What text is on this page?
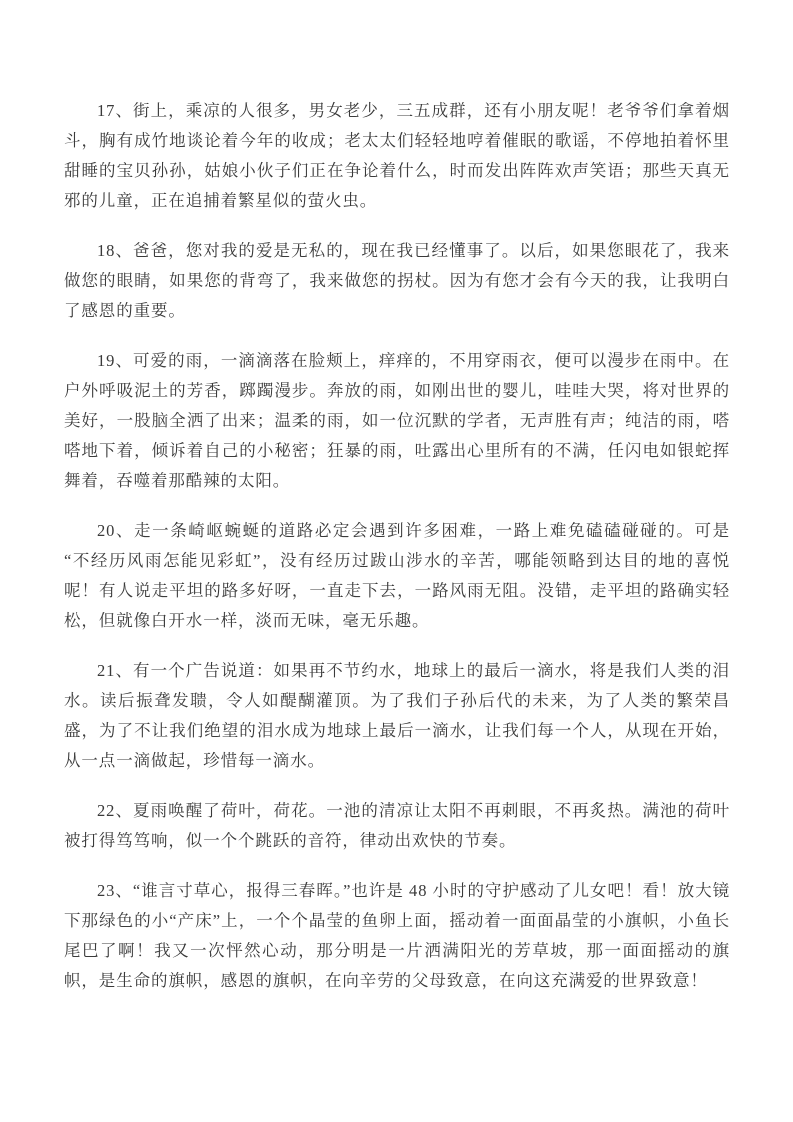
17、街上，乘凉的人很多，男女老少，三五成群，还有小朋友呢！老爷爷们拿着烟斗，胸有成竹地谈论着今年的收成；老太太们轻轻地哼着催眠的歌谣，不停地拍着怀里甜睡的宝贝孙孙，姑娘小伙子们正在争论着什么，时而发出阵阵欢声笑语；那些天真无邪的儿童，正在追捕着繁星似的萤火虫。

18、爸爸，您对我的爱是无私的，现在我已经懂事了。以后，如果您眼花了，我来做您的眼睛，如果您的背弯了，我来做您的拐杖。因为有您才会有今天的我，让我明白了感恩的重要。

19、可爱的雨，一滴滴落在脸颊上，痒痒的，不用穿雨衣，便可以漫步在雨中。在户外呼吸泥土的芳香，踯躅漫步。奔放的雨，如刚出世的婴儿，哇哇大哭，将对世界的美好，一股脑全洒了出来；温柔的雨，如一位沉默的学者，无声胜有声；纯洁的雨，嗒嗒地下着，倾诉着自己的小秘密；狂暴的雨，吐露出心里所有的不满，任闪电如银蛇挥舞着，吞噬着那酷辣的太阳。

20、走一条崎岖蜿蜒的道路必定会遇到许多困难，一路上难免磕磕碰碰的。可是“不经历风雨怎能见彩虹”，没有经历过跋山涉水的辛苦，哪能领略到达目的地的喜悦呢！有人说走平坦的路多好呀，一直走下去，一路风雨无阻。没错，走平坦的路确实轻松，但就像白开水一样，淡而无味，毫无乐趣。

21、有一个广告说道：如果再不节约水，地球上的最后一滴水，将是我们人类的泪水。读后振聋发聩，令人如醍醐灌顶。为了我们子孙后代的未来，为了人类的繁荣昌盛，为了不让我们绝望的泪水成为地球上最后一滴水，让我们每一个人，从现在开始，从一点一滴做起，珍惜每一滴水。

22、夏雨唤醒了荷叶，荷花。一池的清凉让太阳不再刺眼，不再炙热。满池的荷叶被打得笃笃响，似一个个跳跃的音符，律动出欢快的节奏。

23、“谁言寸草心，报得三春晖。”也许是 48 小时的守护感动了儿女吧！看！放大镜下那绿色的小“产床”上，一个个晶莹的鱼卵上面，摇动着一面面晶莹的小旗帜，小鱼长尾巴了啊！我又一次怦然心动，那分明是一片洒满阳光的芳草坡，那一面面摇动的旗帜，是生命的旗帜，感恩的旗帜，在向辛劳的父母致意，在向这充满爱的世界致意！
